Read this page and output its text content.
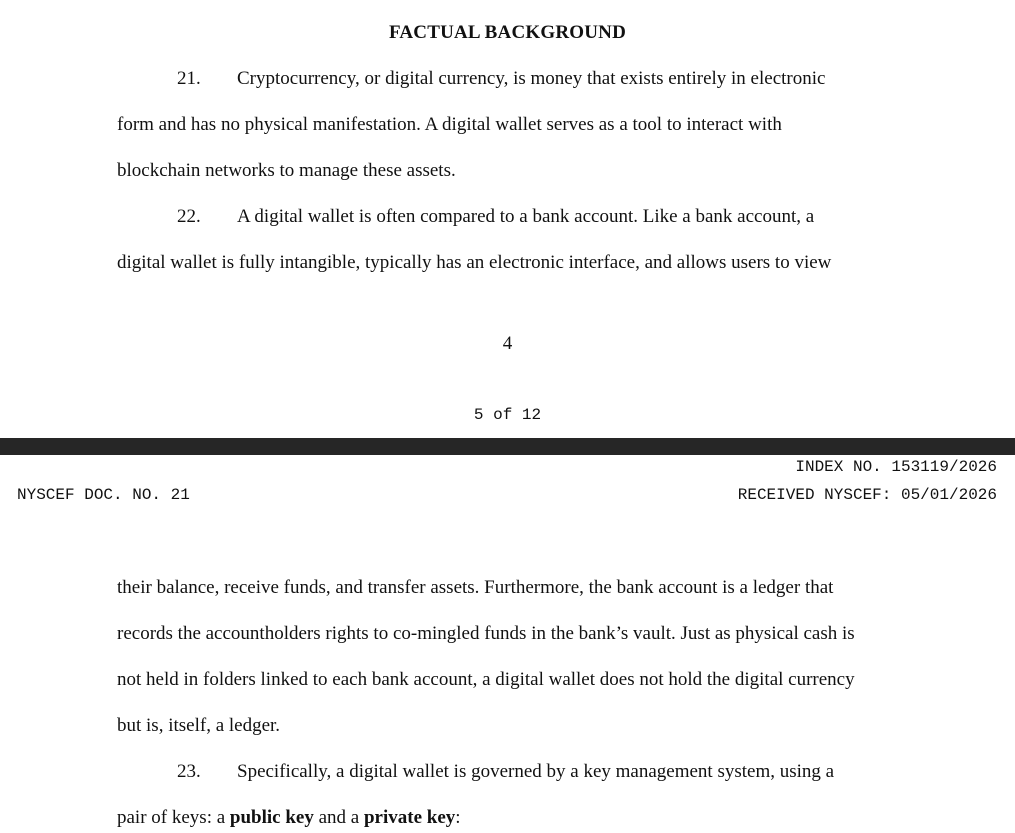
FACTUAL BACKGROUND
21. Cryptocurrency, or digital currency, is money that exists entirely in electronic
form and has no physical manifestation. A digital wallet serves as a tool to interact with
blockchain networks to manage these assets.
22. A digital wallet is often compared to a bank account. Like a bank account, a
digital wallet is fully intangible, typically has an electronic interface, and allows users to view
4
5 of 12
INDEX NO. 153119/2026
NYSCEF DOC. NO. 21	RECEIVED NYSCEF: 05/01/2026
their balance, receive funds, and transfer assets. Furthermore, the bank account is a ledger that
records the accountholders rights to co-mingled funds in the bank’s vault. Just as physical cash is
not held in folders linked to each bank account, a digital wallet does not hold the digital currency
but is, itself, a ledger.
23. Specifically, a digital wallet is governed by a key management system, using a
pair of keys: a public key and a private key:
